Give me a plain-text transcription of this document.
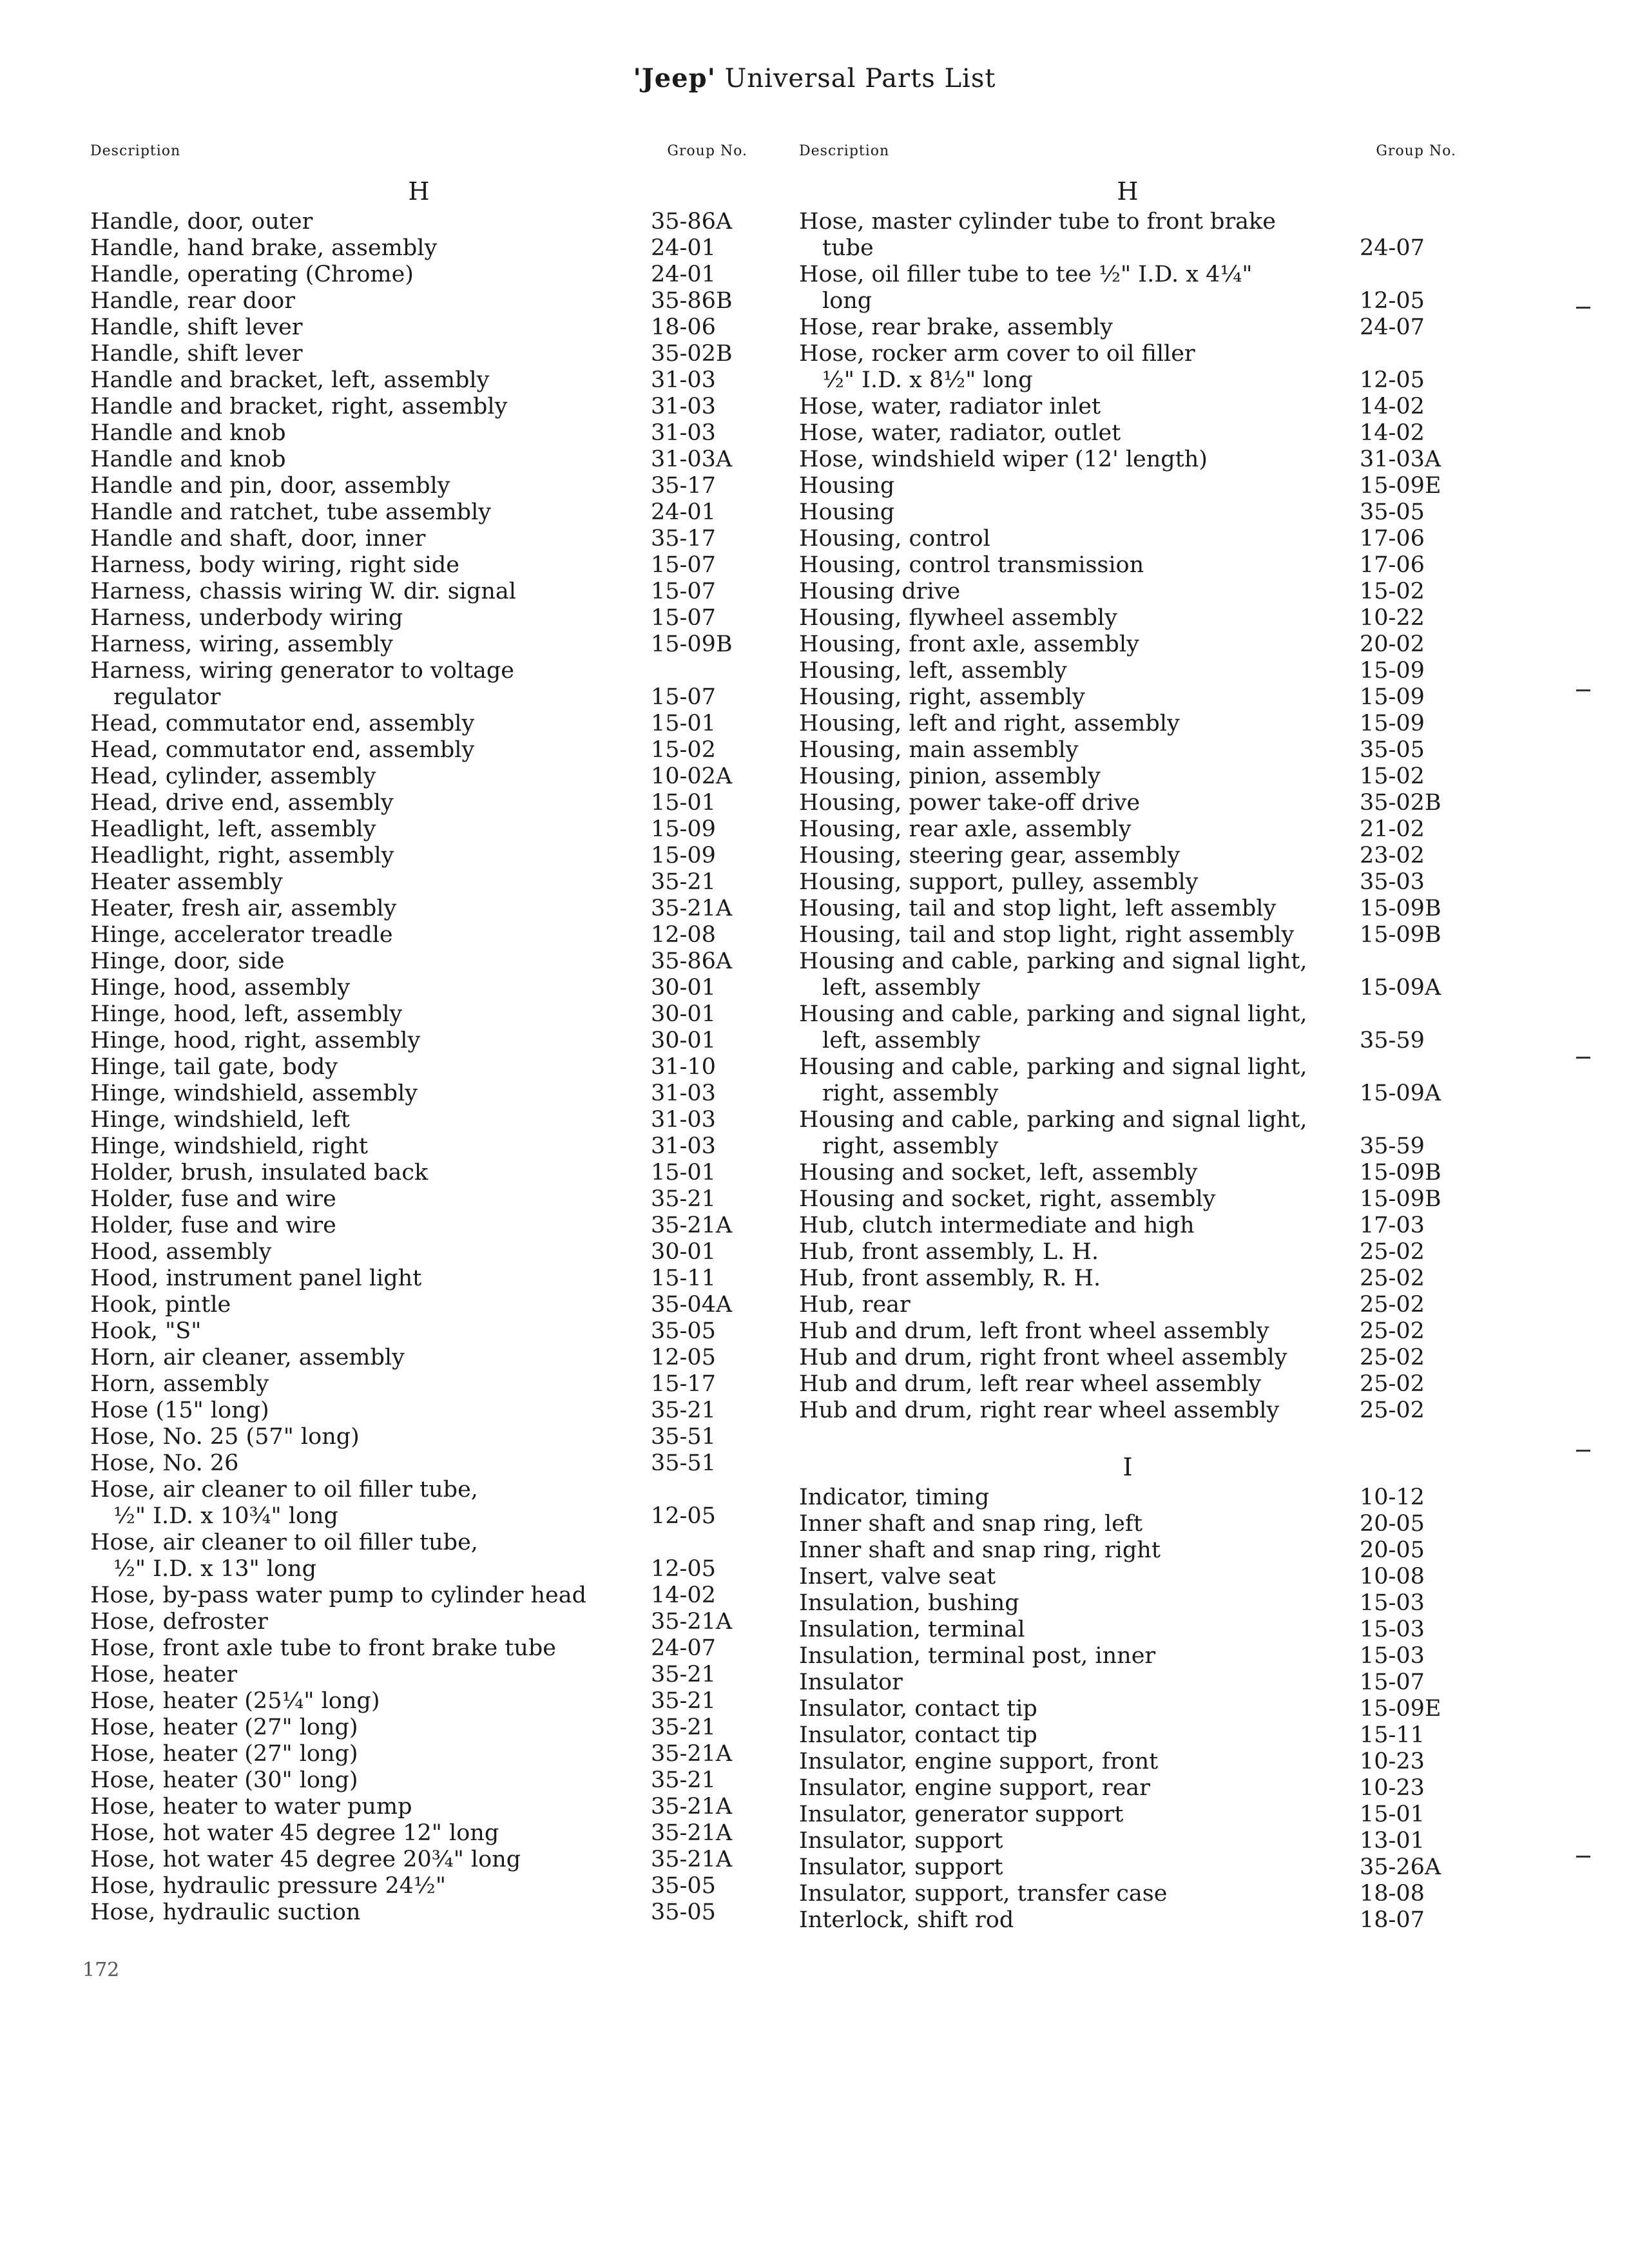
'Jeep' Universal Parts List
Description	Group No.
H
Handle, door, outer	35-86A
Handle, hand brake, assembly	24-01
Handle, operating (Chrome)	24-01
Handle, rear door	35-86B
Handle, shift lever	18-06
Handle, shift lever	35-02B
Handle and bracket, left, assembly	31-03
Handle and bracket, right, assembly	31-03
Handle and knob	31-03
Handle and knob	31-03A
Handle and pin, door, assembly	35-17
Handle and ratchet, tube assembly	24-01
Handle and shaft, door, inner	35-17
Harness, body wiring, right side	15-07
Harness, chassis wiring W. dir. signal	15-07
Harness, underbody wiring	15-07
Harness, wiring, assembly	15-09B
Harness, wiring generator to voltage
regulator	15-07
Head, commutator end, assembly	15-01
Head, commutator end, assembly	15-02
Head, cylinder, assembly	10-02A
Head, drive end, assembly	15-01
Headlight, left, assembly	15-09
Headlight, right, assembly	15-09
Heater assembly	35-21
Heater, fresh air, assembly	35-21A
Hinge, accelerator treadle	12-08
Hinge, door, side	35-86A
Hinge, hood, assembly	30-01
Hinge, hood, left, assembly	30-01
Hinge, hood, right, assembly	30-01
Hinge, tail gate, body	31-10
Hinge, windshield, assembly	31-03
Hinge, windshield, left	31-03
Hinge, windshield, right	31-03
Holder, brush, insulated back	15-01
Holder, fuse and wire	35-21
Holder, fuse and wire	35-21A
Hood, assembly	30-01
Hood, instrument panel light	15-11
Hook, pintle	35-04A
Hook, "S"	35-05
Horn, air cleaner, assembly	12-05
Horn, assembly	15-17
Hose (15" long)	35-21
Hose, No. 25 (57" long)	35-51
Hose, No. 26	35-51
Hose, air cleaner to oil filler tube,
½" I.D. x 10¾" long	12-05
Hose, air cleaner to oil filler tube,
½" I.D. x 13" long	12-05
Hose, by-pass water pump to cylinder head	14-02
Hose, defroster	35-21A
Hose, front axle tube to front brake tube	24-07
Hose, heater	35-21
Hose, heater (25¼" long)	35-21
Hose, heater (27" long)	35-21
Hose, heater (27" long)	35-21A
Hose, heater (30" long)	35-21
Hose, heater to water pump	35-21A
Hose, hot water 45 degree 12" long	35-21A
Hose, hot water 45 degree 20¾" long	35-21A
Hose, hydraulic pressure 24½"	35-05
Hose, hydraulic suction	35-05
Description	Group No.
H
Hose, master cylinder tube to front brake
tube	24-07
Hose, oil filler tube to tee ½" I.D. x 4¼"
long	12-05
Hose, rear brake, assembly	24-07
Hose, rocker arm cover to oil filler
½" I.D. x 8½" long	12-05
Hose, water, radiator inlet	14-02
Hose, water, radiator, outlet	14-02
Hose, windshield wiper (12' length)	31-03A
Housing	15-09E
Housing	35-05
Housing, control	17-06
Housing, control transmission	17-06
Housing drive	15-02
Housing, flywheel assembly	10-22
Housing, front axle, assembly	20-02
Housing, left, assembly	15-09
Housing, right, assembly	15-09
Housing, left and right, assembly	15-09
Housing, main assembly	35-05
Housing, pinion, assembly	15-02
Housing, power take-off drive	35-02B
Housing, rear axle, assembly	21-02
Housing, steering gear, assembly	23-02
Housing, support, pulley, assembly	35-03
Housing, tail and stop light, left assembly	15-09B
Housing, tail and stop light, right assembly	15-09B
Housing and cable, parking and signal light,
left, assembly	15-09A
Housing and cable, parking and signal light,
left, assembly	35-59
Housing and cable, parking and signal light,
right, assembly	15-09A
Housing and cable, parking and signal light,
right, assembly	35-59
Housing and socket, left, assembly	15-09B
Housing and socket, right, assembly	15-09B
Hub, clutch intermediate and high	17-03
Hub, front assembly, L. H.	25-02
Hub, front assembly, R. H.	25-02
Hub, rear	25-02
Hub and drum, left front wheel assembly	25-02
Hub and drum, right front wheel assembly	25-02
Hub and drum, left rear wheel assembly	25-02
Hub and drum, right rear wheel assembly	25-02
I
Indicator, timing	10-12
Inner shaft and snap ring, left	20-05
Inner shaft and snap ring, right	20-05
Insert, valve seat	10-08
Insulation, bushing	15-03
Insulation, terminal	15-03
Insulation, terminal post, inner	15-03
Insulator	15-07
Insulator, contact tip	15-09E
Insulator, contact tip	15-11
Insulator, engine support, front	10-23
Insulator, engine support, rear	10-23
Insulator, generator support	15-01
Insulator, support	13-01
Insulator, support	35-26A
Insulator, support, transfer case	18-08
Interlock, shift rod	18-07
172
